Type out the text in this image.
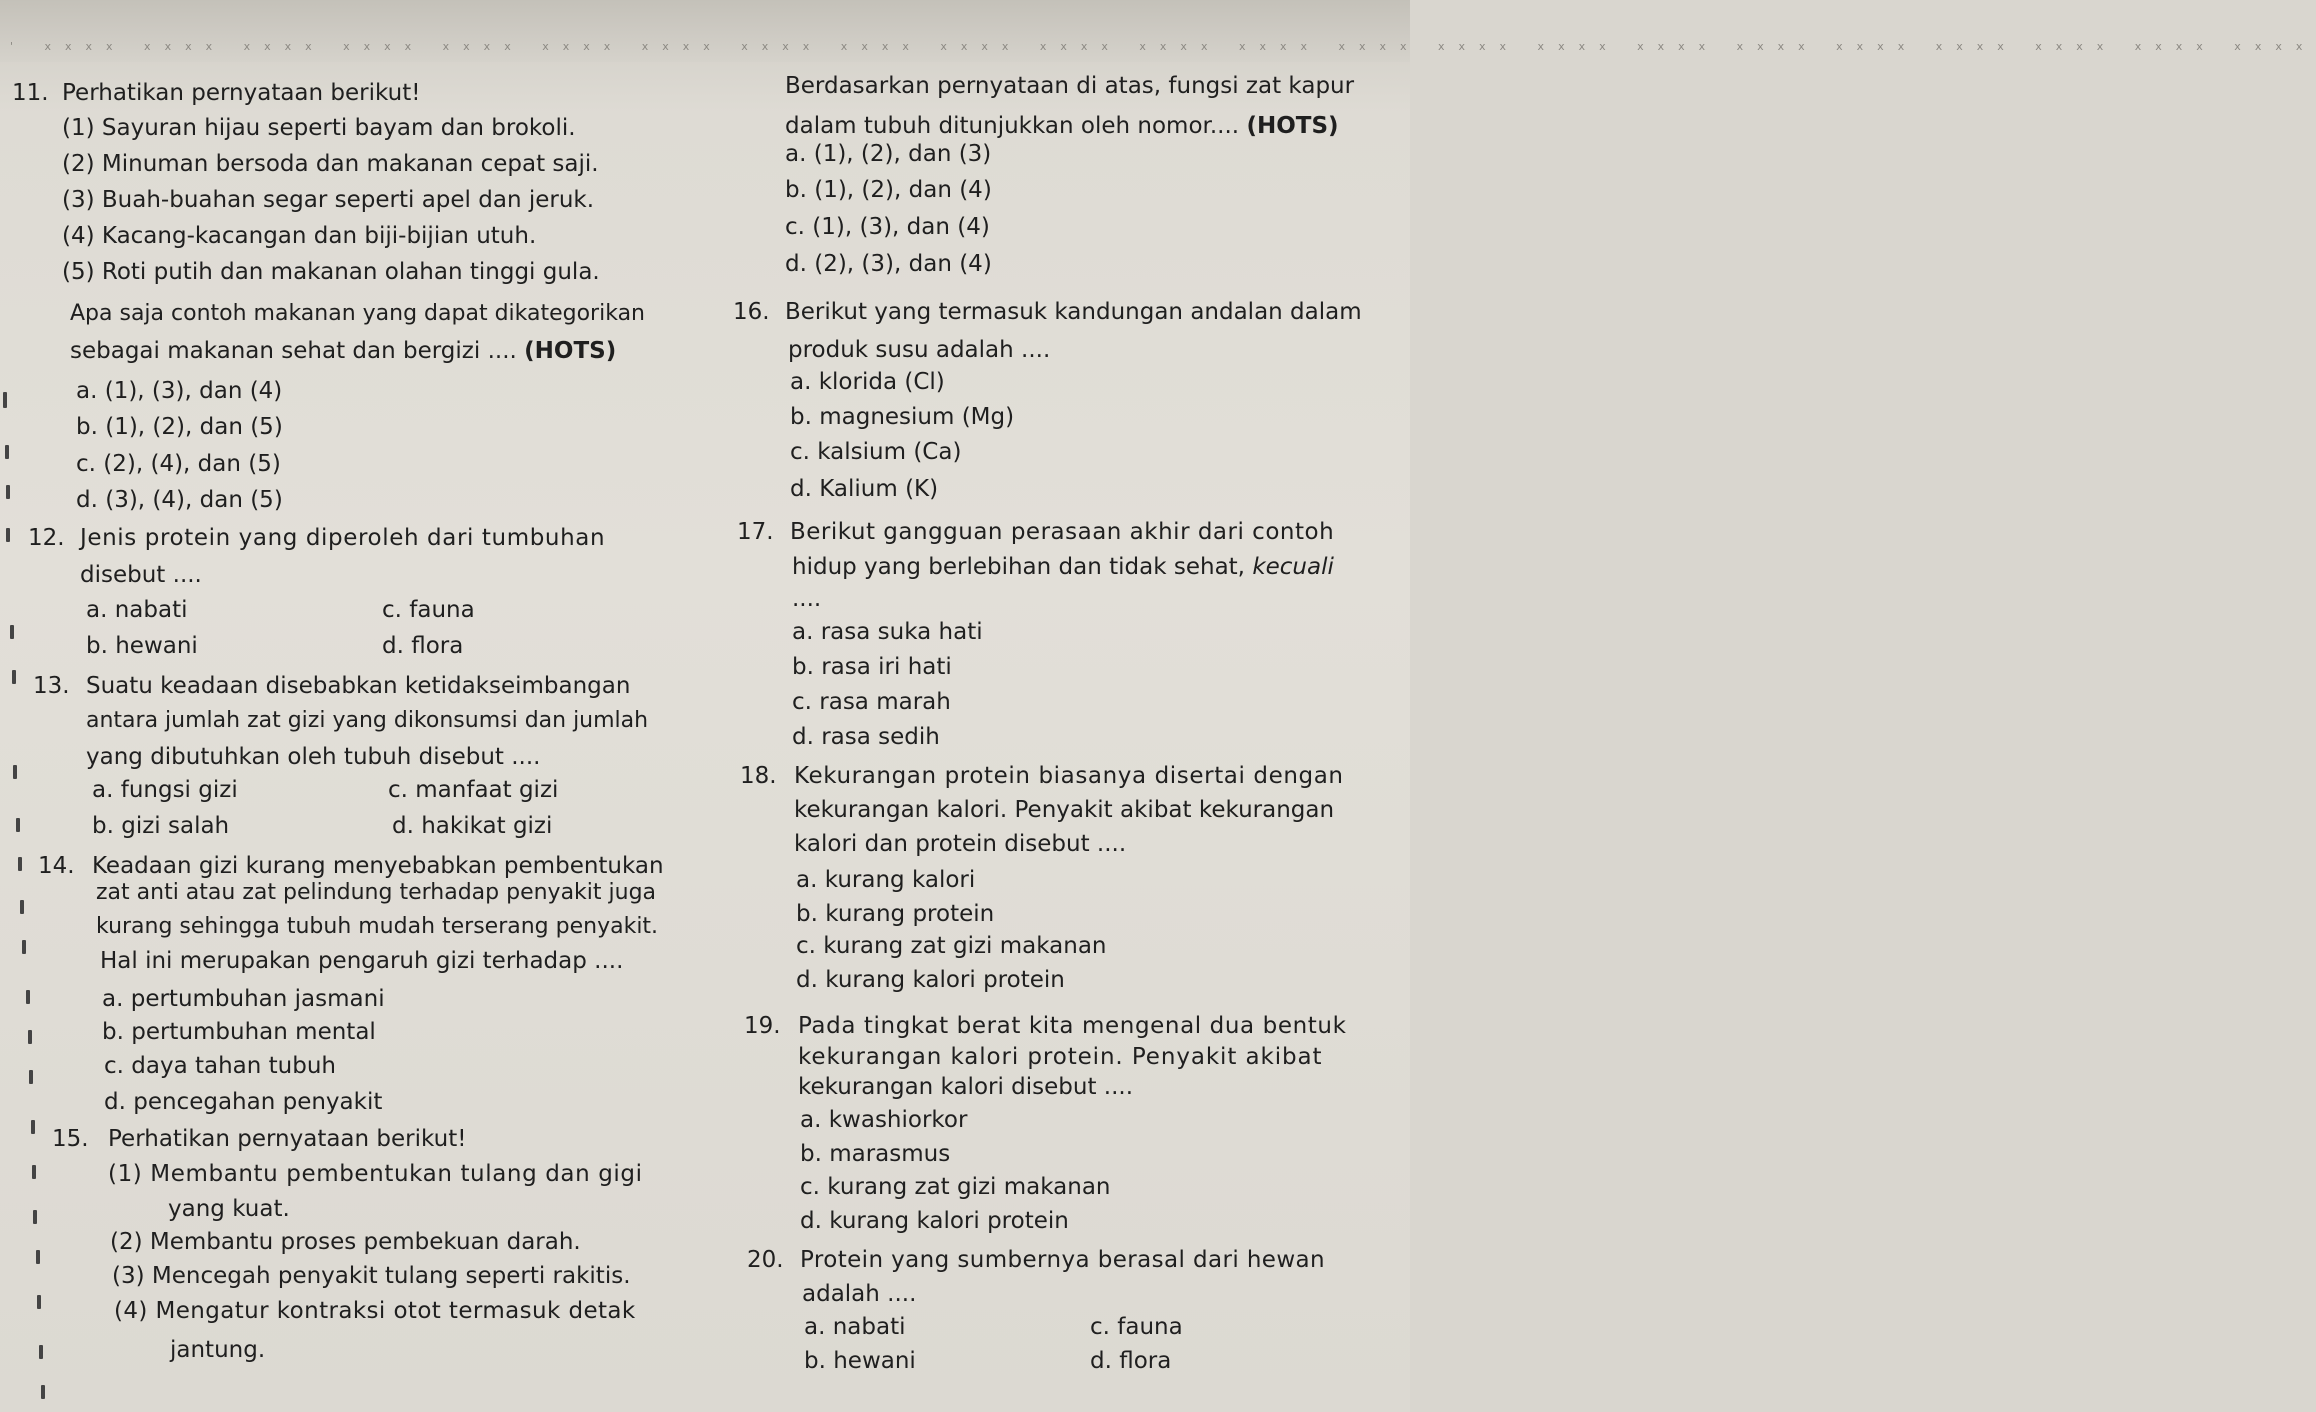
' xxxx xxxx xxxx xxxx xxxx xxxx xxxx xxxx xxxx xxxx xxxx xxxx xxxx xxxx xxxx xxxx xxxx xxxx xxxx xxxx xxxx xxxx xxxx
11. Perhatikan pernyataan berikut!
(1) Sayuran hijau seperti bayam dan brokoli.
(2) Minuman bersoda dan makanan cepat saji.
(3) Buah-buahan segar seperti apel dan jeruk.
(4) Kacang-kacangan dan biji-bijian utuh.
(5) Roti putih dan makanan olahan tinggi gula.
Apa saja contoh makanan yang dapat dikategorikan
sebagai makanan sehat dan bergizi .... (HOTS)
a. (1), (3), dan (4)
b. (1), (2), dan (5)
c. (2), (4), dan (5)
d. (3), (4), dan (5)
12. Jenis protein yang diperoleh dari tumbuhan
disebut ....
a. nabati	c. fauna
b. hewani	d. flora
13. Suatu keadaan disebabkan ketidakseimbangan
antara jumlah zat gizi yang dikonsumsi dan jumlah
yang dibutuhkan oleh tubuh disebut ....
a. fungsi gizi	c. manfaat gizi
b. gizi salah	d. hakikat gizi
14. Keadaan gizi kurang menyebabkan pembentukan
zat anti atau zat pelindung terhadap penyakit juga
kurang sehingga tubuh mudah terserang penyakit.
Hal ini merupakan pengaruh gizi terhadap ....
a. pertumbuhan jasmani
b. pertumbuhan mental
c. daya tahan tubuh
d. pencegahan penyakit
15. Perhatikan pernyataan berikut!
(1) Membantu pembentukan tulang dan gigi
yang kuat.
(2) Membantu proses pembekuan darah.
(3) Mencegah penyakit tulang seperti rakitis.
(4) Mengatur kontraksi otot termasuk detak
jantung.
Berdasarkan pernyataan di atas, fungsi zat kapur
dalam tubuh ditunjukkan oleh nomor.... (HOTS)
a. (1), (2), dan (3)
b. (1), (2), dan (4)
c. (1), (3), dan (4)
d. (2), (3), dan (4)
16. Berikut yang termasuk kandungan andalan dalam
produk susu adalah ....
a. klorida (Cl)
b. magnesium (Mg)
c. kalsium (Ca)
d. Kalium (K)
17. Berikut gangguan perasaan akhir dari contoh
hidup yang berlebihan dan tidak sehat, kecuali
....
a. rasa suka hati
b. rasa iri hati
c. rasa marah
d. rasa sedih
18. Kekurangan protein biasanya disertai dengan
kekurangan kalori. Penyakit akibat kekurangan
kalori dan protein disebut ....
a. kurang kalori
b. kurang protein
c. kurang zat gizi makanan
d. kurang kalori protein
19. Pada tingkat berat kita mengenal dua bentuk
kekurangan kalori protein. Penyakit akibat
kekurangan kalori disebut ....
a. kwashiorkor
b. marasmus
c. kurang zat gizi makanan
d. kurang kalori protein
20. Protein yang sumbernya berasal dari hewan
adalah ....
a. nabati	c. fauna
b. hewani	d. flora
